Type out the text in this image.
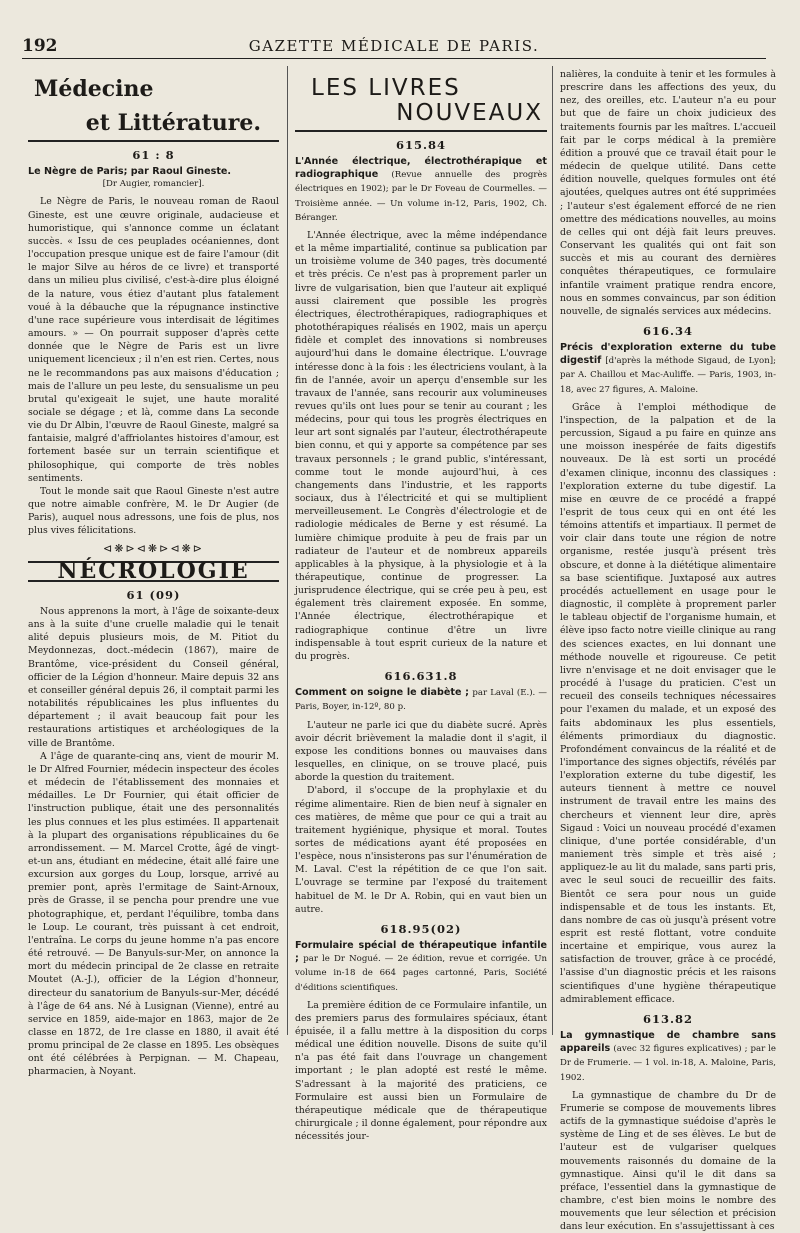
192	GAZETTE MÉDICALE DE PARIS.
Médecine
et Littérature.
61 : 8

Le Nègre de Paris; par Raoul Gineste.

[Dr Augier, romancier].

Le Nègre de Paris, le nouveau roman de Raoul Gineste, est une œuvre originale, audacieuse et humoristique, qui s'annonce comme un éclatant succès. « Issu de ces peuplades océaniennes, dont l'occupation presque unique est de faire l'amour (dit le major Silve au héros de ce livre) et transporté dans un milieu plus civilisé, c'est-à-dire plus éloigné de la nature, vous étiez d'autant plus fatalement voué à la débauche que la répugnance instinctive d'une race supérieure vous interdisait de légitimes amours. » — On pourrait supposer d'après cette donnée que le Nègre de Paris est un livre uniquement licencieux ; il n'en est rien. Certes, nous ne le recommandons pas aux maisons d'éducation ; mais de l'allure un peu leste, du sensualisme un peu brutal qu'exigeait le sujet, une haute moralité sociale se dégage ; et là, comme dans La seconde vie du Dr Albin, l'œuvre de Raoul Gineste, malgré sa fantaisie, malgré d'affriolantes histoires d'amour, est fortement basée sur un terrain scientifique et philosophique, qui comporte de très nobles sentiments.

Tout le monde sait que Raoul Gineste n'est autre que notre aimable confrère, M. le Dr Augier (de Paris), auquel nous adressons, une fois de plus, nos plus vives félicitations.

⊲❋⊳⊲❋⊳⊲❋⊳
NÉCROLOGIE
61 (09)

Nous apprenons la mort, à l'âge de soixante-deux ans à la suite d'une cruelle maladie qui le tenait alité depuis plusieurs mois, de M. Pitiot du Meydonnezas, doct.-médecin (1867), maire de Brantôme, vice-président du Conseil général, officier de la Légion d'honneur. Maire depuis 32 ans et conseiller général depuis 26, il comptait parmi les notabilités républicaines les plus influentes du département ; il avait beaucoup fait pour les restaurations artistiques et archéologiques de la ville de Brantôme.

A l'âge de quarante-cinq ans, vient de mourir M. le Dr Alfred Fournier, médecin inspecteur des écoles et médecin de l'établissement des monnaies et médailles. Le Dr Fournier, qui était officier de l'instruction publique, était une des personnalités les plus connues et les plus estimées. Il appartenait à la plupart des organisations républicaines du 6e arrondissement. — M. Marcel Crotte, âgé de vingt-et-un ans, étudiant en médecine, était allé faire une excursion aux gorges du Loup, lorsque, arrivé au premier pont, après l'ermitage de Saint-Arnoux, près de Grasse, il se pencha pour prendre une vue photographique, et, perdant l'équilibre, tomba dans le Loup. Le courant, très puissant à cet endroit, l'entraîna. Le corps du jeune homme n'a pas encore été retrouvé. — De Banyuls-sur-Mer, on annonce la mort du médecin principal de 2e classe en retraite Moutet (A.-J.), officier de la Légion d'honneur, directeur du sanatorium de Banyuls-sur-Mer, décédé à l'âge de 64 ans. Né à Lusignan (Vienne), entré au service en 1859, aide-major en 1863, major de 2e classe en 1872, de 1re classe en 1880, il avait été promu principal de 2e classe en 1895. Les obsèques ont été célébrées à Perpignan. — M. Chapeau, pharmacien, à Noyant.

LES LIVRES
NOUVEAUX
615.84

L'Année électrique, électrothérapique et radiographique (Revue annuelle des progrès électriques en 1902); par le Dr Foveau de Courmelles. — Troisième année. — Un volume in-12, Paris, 1902, Ch. Béranger.

L'Année électrique, avec la même indépendance et la même impartialité, continue sa publication par un troisième volume de 340 pages, très documenté et très précis. Ce n'est pas à proprement parler un livre de vulgarisation, bien que l'auteur ait expliqué aussi clairement que possible les progrès électriques, électrothérapiques, radiographiques et photothérapiques réalisés en 1902, mais un aperçu fidèle et complet des innovations si nombreuses aujourd'hui dans le domaine électrique. L'ouvrage intéresse donc à la fois : les électriciens voulant, à la fin de l'année, avoir un aperçu d'ensemble sur les travaux de l'année, sans recourir aux volumineuses revues qu'ils ont lues pour se tenir au courant ; les médecins, pour qui tous les progrès électriques en leur art sont signalés par l'auteur, électrothérapeute bien connu, et qui y apporte sa compétence par ses travaux personnels ; le grand public, s'intéressant, comme tout le monde aujourd'hui, à ces changements dans l'industrie, et les rapports sociaux, dus à l'électricité et qui se multiplient merveilleusement. Le Congrès d'électrologie et de radiologie médicales de Berne y est résumé. La lumière chimique produite à peu de frais par un radiateur de l'auteur et de nombreux appareils applicables à la physique, à la physiologie et à la thérapeutique, continue de progresser. La jurisprudence électrique, qui se crée peu à peu, est également très clairement exposée. En somme, l'Année électrique, électrothérapique et radiographique continue d'être un livre indispensable à tout esprit curieux de la nature et du progrès.

616.631.8

Comment on soigne le diabète ; par Laval (E.). — Paris, Boyer, in-12º, 80 p.

L'auteur ne parle ici que du diabète sucré. Après avoir décrit brièvement la maladie dont il s'agit, il expose les conditions bonnes ou mauvaises dans lesquelles, en clinique, on se trouve placé, puis aborde la question du traitement.

D'abord, il s'occupe de la prophylaxie et du régime alimentaire. Rien de bien neuf à signaler en ces matières, de même que pour ce qui a trait au traitement hygiénique, physique et moral. Toutes sortes de médications ayant été proposées en l'espèce, nous n'insisterons pas sur l'énumération de M. Laval. C'est la répétition de ce que l'on sait. L'ouvrage se termine par l'exposé du traitement habituel de M. le Dr A. Robin, qui en vaut bien un autre.

618.95(02)

Formulaire spécial de thérapeutique infantile ; par le Dr Nogué. — 2e édition, revue et corrigée. Un volume in-18 de 664 pages cartonné, Paris, Société d'éditions scientifiques.

La première édition de ce Formulaire infantile, un des premiers parus des formulaires spéciaux, étant épuisée, il a fallu mettre à la disposition du corps médical une édition nouvelle. Disons de suite qu'il n'a pas été fait dans l'ouvrage un changement important ; le plan adopté est resté le même. S'adressant à la majorité des praticiens, ce Formulaire est aussi bien un Formulaire de thérapeutique médicale que de thérapeutique chirurgicale ; il donne également, pour répondre aux nécessités jour-

nalières, la conduite à tenir et les formules à prescrire dans les affections des yeux, du nez, des oreilles, etc. L'auteur n'a eu pour but que de faire un choix judicieux des traitements fournis par les maîtres. L'accueil fait par le corps médical à la première édition a prouvé que ce travail était pour le médecin de quelque utilité. Dans cette édition nouvelle, quelques formules ont été ajoutées, quelques autres ont été supprimées ; l'auteur s'est également efforcé de ne rien omettre des médications nouvelles, au moins de celles qui ont déjà fait leurs preuves. Conservant les qualités qui ont fait son succès et mis au courant des dernières conquêtes thérapeutiques, ce formulaire infantile vraiment pratique rendra encore, nous en sommes convaincus, par son édition nouvelle, de signalés services aux médecins.

616.34

Précis d'exploration externe du tube digestif [d'après la méthode Sigaud, de Lyon]; par A. Chaillou et Mac-Auliffe. — Paris, 1903, in-18, avec 27 figures, A. Maloine.

Grâce à l'emploi méthodique de l'inspection, de la palpation et de la percussion, Sigaud a pu faire en quinze ans une moisson inespérée de faits digestifs nouveaux. De là est sorti un procédé d'examen clinique, inconnu des classiques : l'exploration externe du tube digestif. La mise en œuvre de ce procédé a frappé l'esprit de tous ceux qui en ont été les témoins attentifs et impartiaux. Il permet de voir clair dans toute une région de notre organisme, restée jusqu'à présent très obscure, et donne à la diététique alimentaire sa base scientifique. Juxtaposé aux autres procédés actuellement en usage pour le diagnostic, il complète à proprement parler le tableau objectif de l'organisme humain, et élève ipso facto notre vieille clinique au rang des sciences exactes, en lui donnant une méthode nouvelle et rigoureuse. Ce petit livre n'envisage et ne doit envisager que le procédé à l'usage du praticien. C'est un recueil des conseils techniques nécessaires pour l'examen du malade, et un exposé des faits abdominaux les plus essentiels, éléments primordiaux du diagnostic. Profondément convaincus de la réalité et de l'importance des signes objectifs, révélés par l'exploration externe du tube digestif, les auteurs tiennent à mettre ce nouvel instrument de travail entre les mains des chercheurs et viennent leur dire, après Sigaud : Voici un nouveau procédé d'examen clinique, d'une portée considérable, d'un maniement très simple et très aisé ; appliquez-le au lit du malade, sans parti pris, avec le seul souci de recueillir des faits. Bientôt ce sera pour nous un guide indispensable et de tous les instants. Et, dans nombre de cas où jusqu'à présent votre esprit est resté flottant, votre conduite incertaine et empirique, vous aurez la satisfaction de trouver, grâce à ce procédé, l'assise d'un diagnostic précis et les raisons scientifiques d'une hygiène thérapeutique admirablement efficace.

613.82

La gymnastique de chambre sans appareils (avec 32 figures explicatives) ; par le Dr de Frumerie. — 1 vol. in-18, A. Maloine, Paris, 1902.

La gymnastique de chambre du Dr de Frumerie se compose de mouvements libres actifs de la gymnastique suédoise d'après le système de Ling et de ses élèves. Le but de l'auteur est de vulgariser quelques mouvements raisonnés du domaine de la gymnastique. Ainsi qu'il le dit dans sa préface, l'essentiel dans la gymnastique de chambre, c'est bien moins le nombre des mouvements que leur sélection et précision dans leur exécution. En s'assujettissant à ces
